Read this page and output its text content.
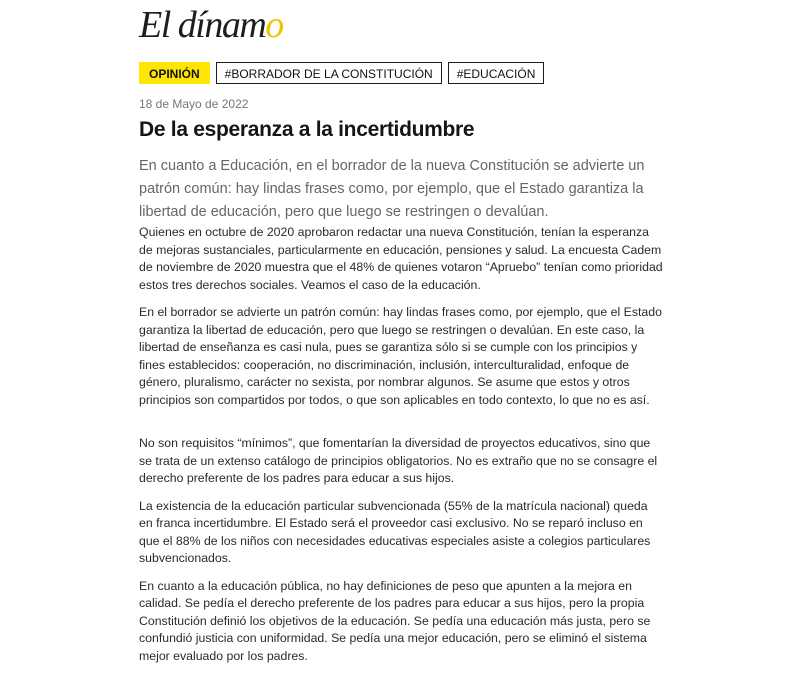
El dínamo
OPINIÓN	#BORRADOR DE LA CONSTITUCIÓN	#EDUCACIÓN
18 de Mayo de 2022
De la esperanza a la incertidumbre

En cuanto a Educación, en el borrador de la nueva Constitución se advierte un patrón común: hay lindas frases como, por ejemplo, que el Estado garantiza la libertad de educación, pero que luego se restringen o devalúan.

Quienes en octubre de 2020 aprobaron redactar una nueva Constitución, tenían la esperanza de mejoras sustanciales, particularmente en educación, pensiones y salud. La encuesta Cadem de noviembre de 2020 muestra que el 48% de quienes votaron “Apruebo” tenían como prioridad estos tres derechos sociales. Veamos el caso de la educación.

En el borrador se advierte un patrón común: hay lindas frases como, por ejemplo, que el Estado garantiza la libertad de educación, pero que luego se restringen o devalúan. En este caso, la libertad de enseñanza es casi nula, pues se garantiza sólo si se cumple con los principios y fines establecidos: cooperación, no discriminación, inclusión, interculturalidad, enfoque de género, pluralismo, carácter no sexista, por nombrar algunos. Se asume que estos y otros principios son compartidos por todos, o que son aplicables en todo contexto, lo que no es así.

No son requisitos “mínimos”, que fomentarían la diversidad de proyectos educativos, sino que se trata de un extenso catálogo de principios obligatorios. No es extraño que no se consagre el derecho preferente de los padres para educar a sus hijos.

La existencia de la educación particular subvencionada (55% de la matrícula nacional) queda en franca incertidumbre. El Estado será el proveedor casi exclusivo. No se reparó incluso en que el 88% de los niños con necesidades educativas especiales asiste a colegios particulares subvencionados.

En cuanto a la educación pública, no hay definiciones de peso que apunten a la mejora en calidad. Se pedía el derecho preferente de los padres para educar a sus hijos, pero la propia Constitución definió los objetivos de la educación. Se pedía una educación más justa, pero se confundió justicia con uniformidad. Se pedía una mejor educación, pero se eliminó el sistema mejor evaluado por los padres.
